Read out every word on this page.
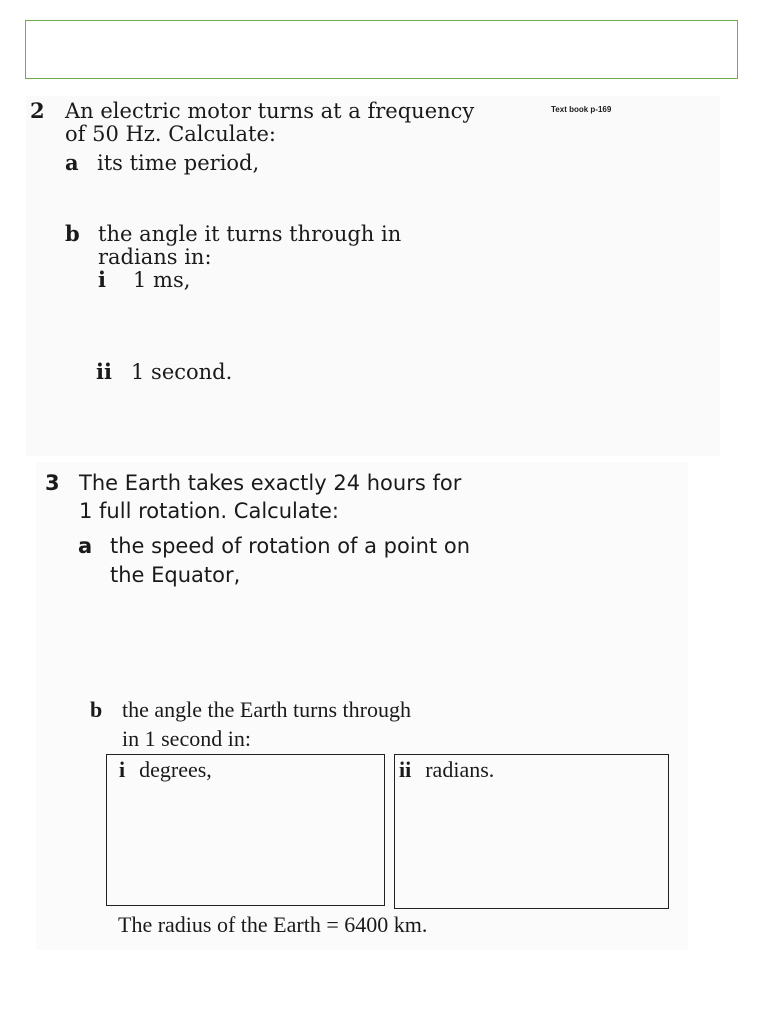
2 An electric motor turns at a frequency	Text book p-169
of 50 Hz. Calculate:
a its time period,
b the angle it turns through in
radians in:
i 1 ms,
ii 1 second.
3 The Earth takes exactly 24 hours for
1 full rotation. Calculate:
a the speed of rotation of a point on
the Equator,
b the angle the Earth turns through
in 1 second in:
i degrees,	ii radians.
The radius of the Earth = 6400 km.
